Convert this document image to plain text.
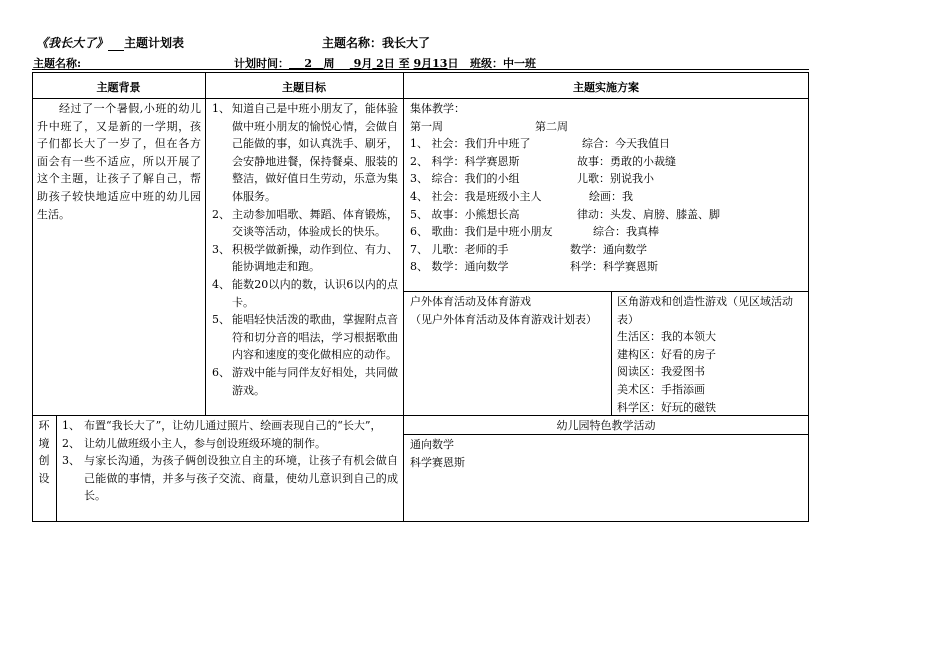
《我长大了》 主题计划表	主题名称：我长大了
主题名称:	计划时间： 2 周 9月 2日 至 9月13日 班级：中一班
主题背景	主题目标	主题实施方案
经过了一个暑假,小班的幼儿升中班了，又是新的一学期，孩子们都长大了一岁了，但在各方面会有一些不适应，所以开展了这个主题，让孩子了解自己，帮助孩子较快地适应中班的幼儿园生活。
1、 知道自己是中班小朋友了，能体验做中班小朋友的愉悦心情，会做自己能做的事，如认真洗手、刷牙，会安静地进餐，保持餐桌、服装的整洁，做好值日生劳动，乐意为集体服务。
2、 主动参加唱歌、舞蹈、体育锻炼，交谈等活动，体验成长的快乐。
3、 积极学做新操，动作到位、有力、能协调地走和跑。
4、 能数20以内的数，认识6以内的点卡。
5、 能唱轻快活泼的歌曲，掌握附点音符和切分音的唱法，学习根据歌曲内容和速度的变化做相应的动作。
6、 游戏中能与同伴友好相处，共同做游戏。
集体教学：
第一周	第二周
1、 社会：我们升中班了	综合：今天我值日
2、 科学：科学赛恩斯	故事：勇敢的小裁缝
3、 综合：我们的小组	儿歌：别说我小
4、 社会：我是班级小主人	绘画：我
5、 故事：小熊想长高	律动：头发、肩膀、膝盖、脚
6、 歌曲：我们是中班小朋友	综合：我真棒
7、 儿歌：老师的手	数学：通向数学
8、 数学：通向数学	科学：科学赛恩斯
户外体育活动及体育游戏
（见户外体育活动及体育游戏计划表）
区角游戏和创造性游戏（见区域活动表）
生活区：我的本领大
建构区：好看的房子
阅读区：我爱图书
美术区：手指添画
科学区：好玩的磁铁
环
境
创
设
1、 布置“我长大了”，让幼儿通过照片、绘画表现自己的“长大”，
2、 让幼儿做班级小主人，参与创设班级环境的制作。
3、 与家长沟通，为孩子俩创设独立自主的环境，让孩子有机会做自己能做的事情，并多与孩子交流、商量，使幼儿意识到自己的成长。
幼儿园特色教学活动
通向数学
科学赛恩斯
